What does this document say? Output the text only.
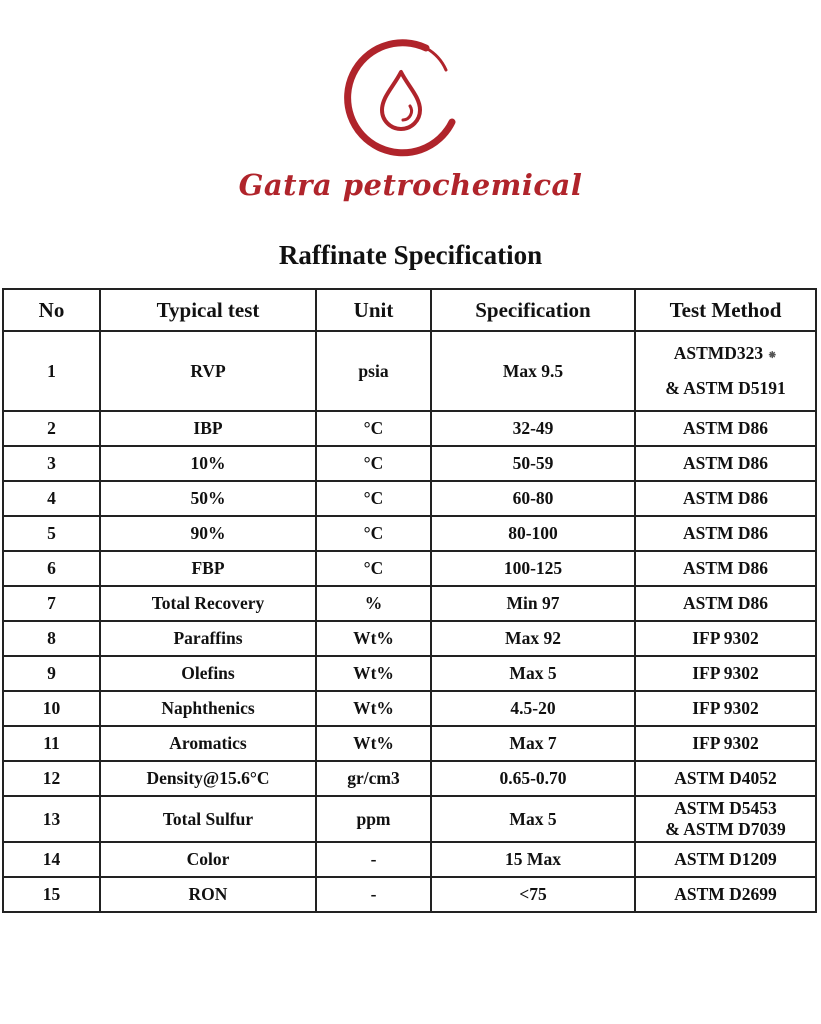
Gatra petrochemical
Raffinate Specification
No	Typical test	Unit	Specification	Test Method
1	RVP	psia	Max 9.5	ASTMD323 ⁕
& ASTM D5191

2	IBP	°C	32-49	ASTM D86
3	10%	°C	50-59	ASTM D86
4	50%	°C	60-80	ASTM D86
5	90%	°C	80-100	ASTM D86
6	FBP	°C	100-125	ASTM D86
7	Total Recovery	%	Min 97	ASTM D86
8	Paraffins	Wt%	Max 92	IFP 9302
9	Olefins	Wt%	Max 5	IFP 9302
10	Naphthenics	Wt%	4.5-20	IFP 9302
11	Aromatics	Wt%	Max 7	IFP 9302
12	Density@15.6°C	gr/cm3	0.65-0.70	ASTM D4052
13	Total Sulfur	ppm	Max 5	ASTM D5453
& ASTM D7039

14	Color	-	15 Max	ASTM D1209
15	RON	-	<75	ASTM D2699
